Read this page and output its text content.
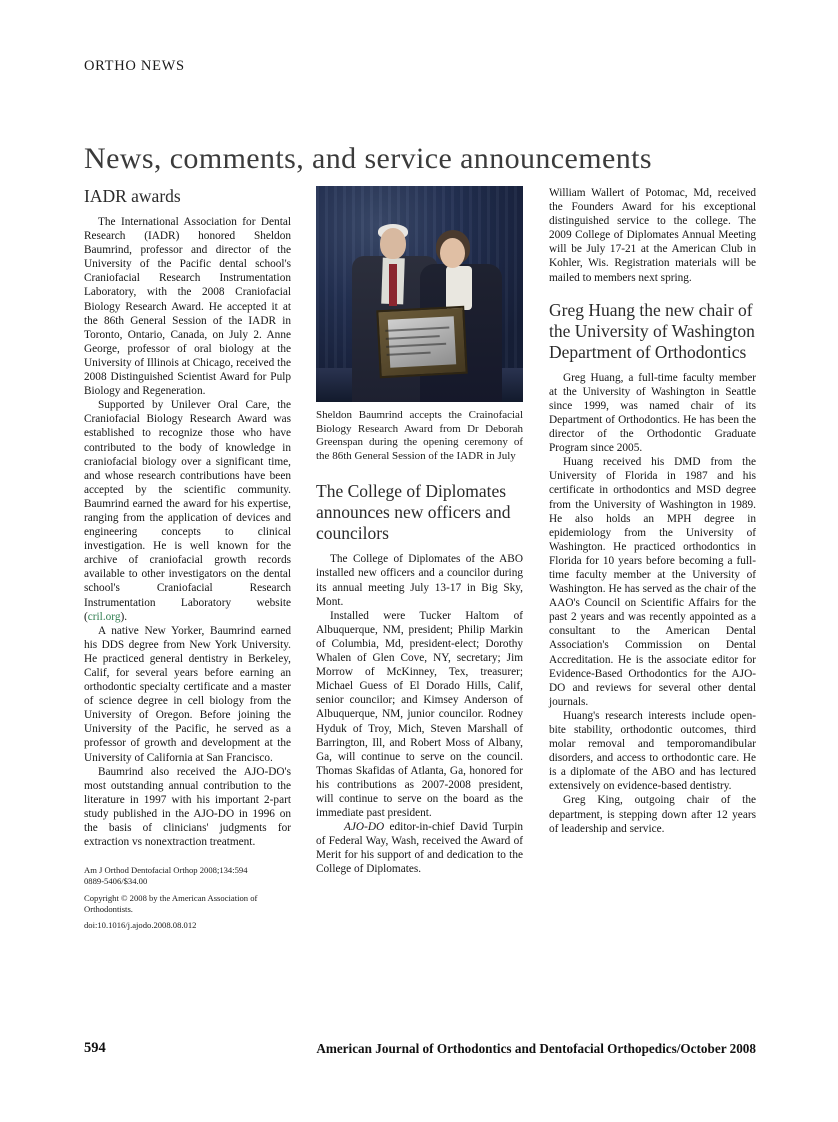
ORTHO NEWS
News, comments, and service announcements
IADR awards

The International Association for Dental Research (IADR) honored Sheldon Baumrind, professor and director of the University of the Pacific dental school's Craniofacial Research Instrumentation Laboratory, with the 2008 Craniofacial Biology Research Award. He accepted it at the 86th General Session of the IADR in Toronto, Ontario, Canada, on July 2. Anne George, professor of oral biology at the University of Illinois at Chicago, received the 2008 Distinguished Scientist Award for Pulp Biology and Regeneration.

Supported by Unilever Oral Care, the Craniofacial Biology Research Award was established to recognize those who have contributed to the body of knowledge in craniofacial biology over a significant time, and whose research contributions have been accepted by the scientific community. Baumrind earned the award for his expertise, ranging from the application of devices and engineering concepts to clinical investigation. He is well known for the archive of craniofacial growth records available to other investigators on the dental school's Craniofacial Research Instrumentation Laboratory website (cril.org).

A native New Yorker, Baumrind earned his DDS degree from New York University. He practiced general dentistry in Berkeley, Calif, for several years before earning an orthodontic specialty certificate and a master of science degree in cell biology from the University of Oregon. Before joining the University of the Pacific, he served as a professor of growth and development at the University of California at San Francisco.

Baumrind also received the AJO-DO's most outstanding annual contribution to the literature in 1997 with his important 2-part study published in the AJO-DO in 1996 on the basis of clinicians' judgments for extraction vs nonextraction treatment.

Am J Orthod Dentofacial Orthop 2008;134:594
0889-5406/$34.00
Copyright © 2008 by the American Association of Orthodontists.
doi:10.1016/j.ajodo.2008.08.012
Sheldon Baumrind accepts the Crainofacial Biology Research Award from Dr Deborah Greenspan during the opening ceremony of the 86th General Session of the IADR in July
The College of Diplomates announces new officers and councilors

The College of Diplomates of the ABO installed new officers and a councilor during its annual meeting July 13-17 in Big Sky, Mont.

Installed were Tucker Haltom of Albuquerque, NM, president; Philip Markin of Columbia, Md, president-elect; Dorothy Whalen of Glen Cove, NY, secretary; Jim Morrow of McKinney, Tex, treasurer; Michael Guess of El Dorado Hills, Calif, senior councilor; and Kimsey Anderson of Albuquerque, NM, junior councilor. Rodney Hyduk of Troy, Mich, Steven Marshall of Barrington, Ill, and Robert Moss of Albany, Ga, will continue to serve on the council. Thomas Skafidas of Atlanta, Ga, honored for his contributions as 2007-2008 president, will continue to serve on the board as the immediate past president.

AJO-DO editor-in-chief David Turpin of Federal Way, Wash, received the Award of Merit for his support of and dedication to the College of Diplomates.

William Wallert of Potomac, Md, received the Founders Award for his exceptional distinguished service to the college. The 2009 College of Diplomates Annual Meeting will be July 17-21 at the American Club in Kohler, Wis. Registration materials will be mailed to members next spring.

Greg Huang the new chair of the University of Washington Department of Orthodontics

Greg Huang, a full-time faculty member at the University of Washington in Seattle since 1999, was named chair of its Department of Orthodontics. He has been the director of the Orthodontic Graduate Program since 2005.

Huang received his DMD from the University of Florida in 1987 and his certificate in orthodontics and MSD degree from the University of Washington in 1989. He also holds an MPH degree in epidemiology from the University of Washington. He practiced orthodontics in Florida for 10 years before becoming a full-time faculty member at the University of Washington. He has served as the chair of the AAO's Council on Scientific Affairs for the past 2 years and was recently appointed as a consultant to the American Dental Association's Commission on Dental Accreditation. He is the associate editor for Evidence-Based Orthodontics for the AJO-DO and reviews for several other dental journals.

Huang's research interests include open-bite stability, orthodontic outcomes, third molar removal and temporomandibular disorders, and access to orthodontic care. He is a diplomate of the ABO and has lectured extensively on evidence-based dentistry.

Greg King, outgoing chair of the department, is stepping down after 12 years of leadership and service.

594	American Journal of Orthodontics and Dentofacial Orthopedics/October 2008
